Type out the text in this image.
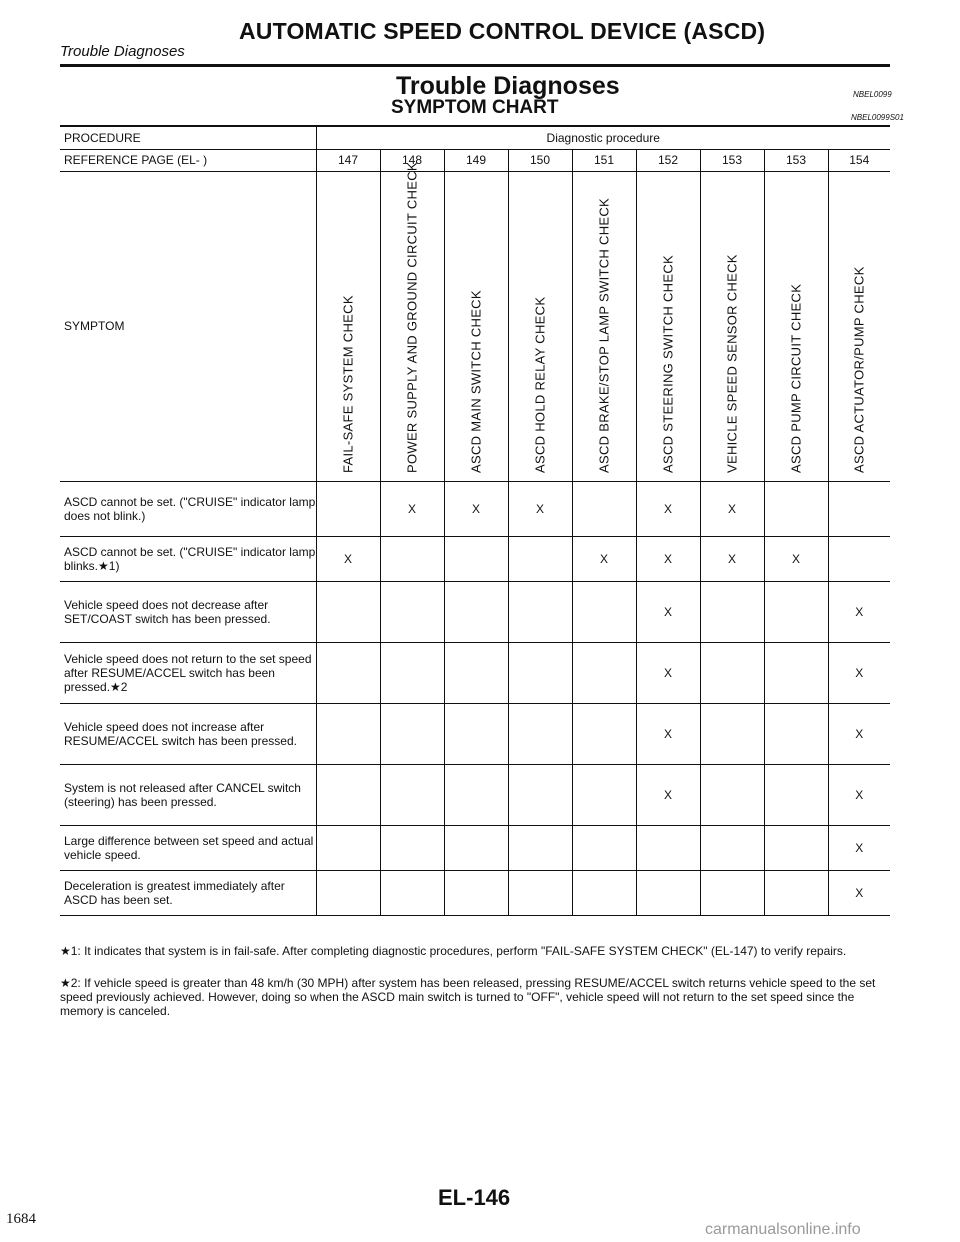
Trouble Diagnoses
AUTOMATIC SPEED CONTROL DEVICE (ASCD)
Trouble Diagnoses
SYMPTOM CHART
NBEL0099
NBEL0099S01
PROCEDURE	Diagnostic procedure								
REFERENCE PAGE (EL- )	147	148	149	150	151	152	153	153	154
SYMPTOM	FAIL-SAFE SYSTEM CHECK	POWER SUPPLY AND GROUND CIRCUIT CHECK	ASCD MAIN SWITCH CHECK	ASCD HOLD RELAY CHECK	ASCD BRAKE/STOP LAMP SWITCH CHECK	ASCD STEERING SWITCH CHECK	VEHICLE SPEED SENSOR CHECK	ASCD PUMP CIRCUIT CHECK	ASCD ACTUATOR/PUMP CHECK

ASCD cannot be set. ("CRUISE" indicator lamp does not blink.)		X	X	X		X	X		
ASCD cannot be set. ("CRUISE" indicator lamp blinks.★1)	X				X	X	X	X	
Vehicle speed does not decrease after SET/COAST switch has been pressed.						X			X
Vehicle speed does not return to the set speed after RESUME/ACCEL switch has been pressed.★2						X			X
Vehicle speed does not increase after RESUME/ACCEL switch has been pressed.						X			X
System is not released after CANCEL switch (steering) has been pressed.						X			X
Large difference between set speed and actual vehicle speed.									X
Deceleration is greatest immediately after ASCD has been set.									X
★1: It indicates that system is in fail-safe. After completing diagnostic procedures, perform "FAIL-SAFE SYSTEM CHECK" (EL-147) to verify repairs.
★2: If vehicle speed is greater than 48 km/h (30 MPH) after system has been released, pressing RESUME/ACCEL switch returns vehicle speed to the set speed previously achieved. However, doing so when the ASCD main switch is turned to "OFF", vehicle speed will not return to the set speed since the memory is canceled.
EL-146
1684
carmanualsonline.info
